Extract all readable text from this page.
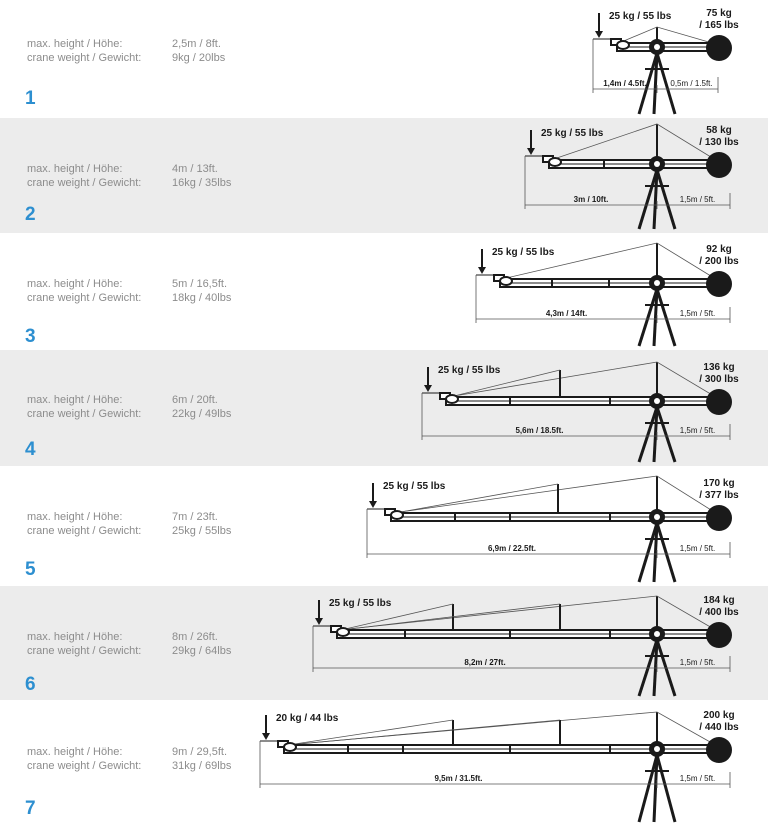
max. height / Höhe:	2,5m / 8ft.
crane weight / Gewicht:	9kg / 20lbs
1
25 kg / 55 lbs	75 kg
/ 165 lbs
1,4m / 4.5ft.	0,5m / 1.5ft.
max. height / Höhe:	4m / 13ft.
crane weight / Gewicht:	16kg / 35lbs
2
25 kg / 55 lbs	58 kg
/ 130 lbs
3m / 10ft.	1,5m / 5ft.
max. height / Höhe:	5m / 16,5ft.
crane weight / Gewicht:	18kg / 40lbs
3
25 kg / 55 lbs	92 kg
/ 200 lbs
4,3m / 14ft.	1,5m / 5ft.
max. height / Höhe:	6m / 20ft.
crane weight / Gewicht:	22kg / 49lbs
4
25 kg / 55 lbs	136 kg
/ 300 lbs
5,6m / 18.5ft.	1,5m / 5ft.
max. height / Höhe:	7m / 23ft.
crane weight / Gewicht:	25kg / 55lbs
5
25 kg / 55 lbs	170 kg
/ 377 lbs
6,9m / 22.5ft.	1,5m / 5ft.
max. height / Höhe:	8m / 26ft.
crane weight / Gewicht:	29kg / 64lbs
6
25 kg / 55 lbs	184 kg
/ 400 lbs
8,2m / 27ft.	1,5m / 5ft.
max. height / Höhe:	9m / 29,5ft.
crane weight / Gewicht:	31kg / 69lbs
7
20 kg / 44 lbs	200 kg
/ 440 lbs
9,5m / 31.5ft.	1,5m / 5ft.
